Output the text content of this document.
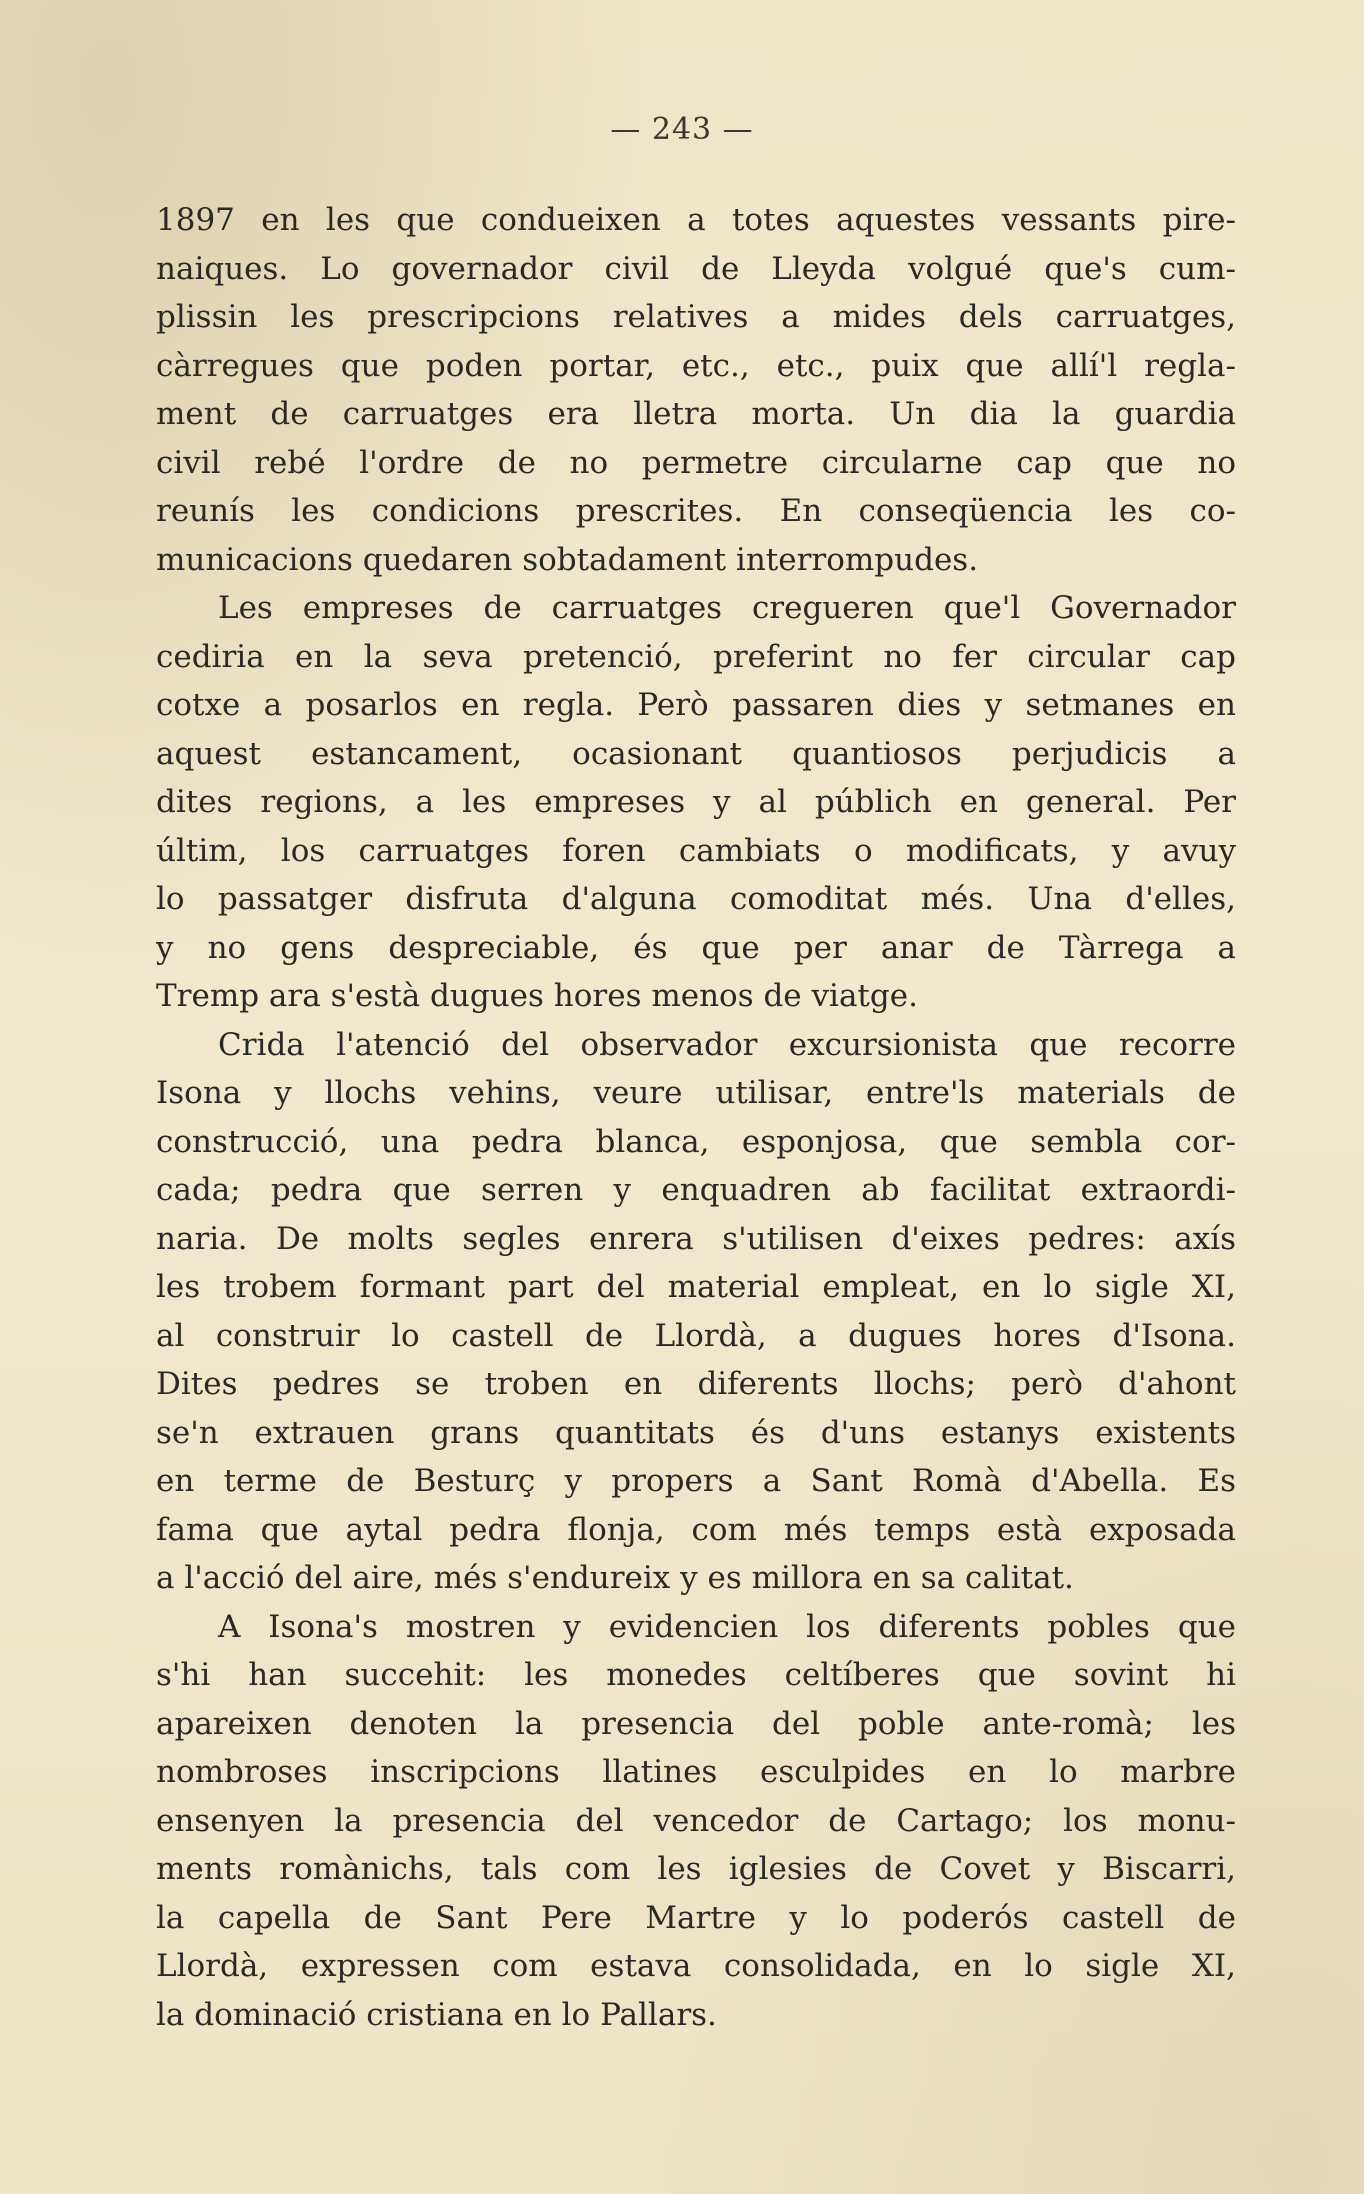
— 243 —
1897 en les que condueixen a totes aquestes vessants pire-
naiques. Lo governador civil de Lleyda volgué que's cum-
plissin les prescripcions relatives a mides dels carruatges,
càrregues que poden portar, etc., etc., puix que allí'l regla-
ment de carruatges era lletra morta. Un dia la guardia
civil rebé l'ordre de no permetre circularne cap que no
reunís les condicions prescrites. En conseqüencia les co-
municacions quedaren sobtadament interrompudes.
Les empreses de carruatges cregueren que'l Governador
cediria en la seva pretenció, preferint no fer circular cap
cotxe a posarlos en regla. Però passaren dies y setmanes en
aquest estancament, ocasionant quantiosos perjudicis a
dites regions, a les empreses y al públich en general. Per
últim, los carruatges foren cambiats o modificats, y avuy
lo passatger disfruta d'alguna comoditat més. Una d'elles,
y no gens despreciable, és que per anar de Tàrrega a
Tremp ara s'està dugues hores menos de viatge.
Crida l'atenció del observador excursionista que recorre
Isona y llochs vehins, veure utilisar, entre'ls materials de
construcció, una pedra blanca, esponjosa, que sembla cor-
cada; pedra que serren y enquadren ab facilitat extraordi-
naria. De molts segles enrera s'utilisen d'eixes pedres: axís
les trobem formant part del material empleat, en lo sigle XI,
al construir lo castell de Llordà, a dugues hores d'Isona.
Dites pedres se troben en diferents llochs; però d'ahont
se'n extrauen grans quantitats és d'uns estanys existents
en terme de Besturç y propers a Sant Romà d'Abella. Es
fama que aytal pedra flonja, com més temps està exposada
a l'acció del aire, més s'endureix y es millora en sa calitat.
A Isona's mostren y evidencien los diferents pobles que
s'hi han succehit: les monedes celtíberes que sovint hi
apareixen denoten la presencia del poble ante-romà; les
nombroses inscripcions llatines esculpides en lo marbre
ensenyen la presencia del vencedor de Cartago; los monu-
ments romànichs, tals com les iglesies de Covet y Biscarri,
la capella de Sant Pere Martre y lo poderós castell de
Llordà, expressen com estava consolidada, en lo sigle XI,
la dominació cristiana en lo Pallars.
